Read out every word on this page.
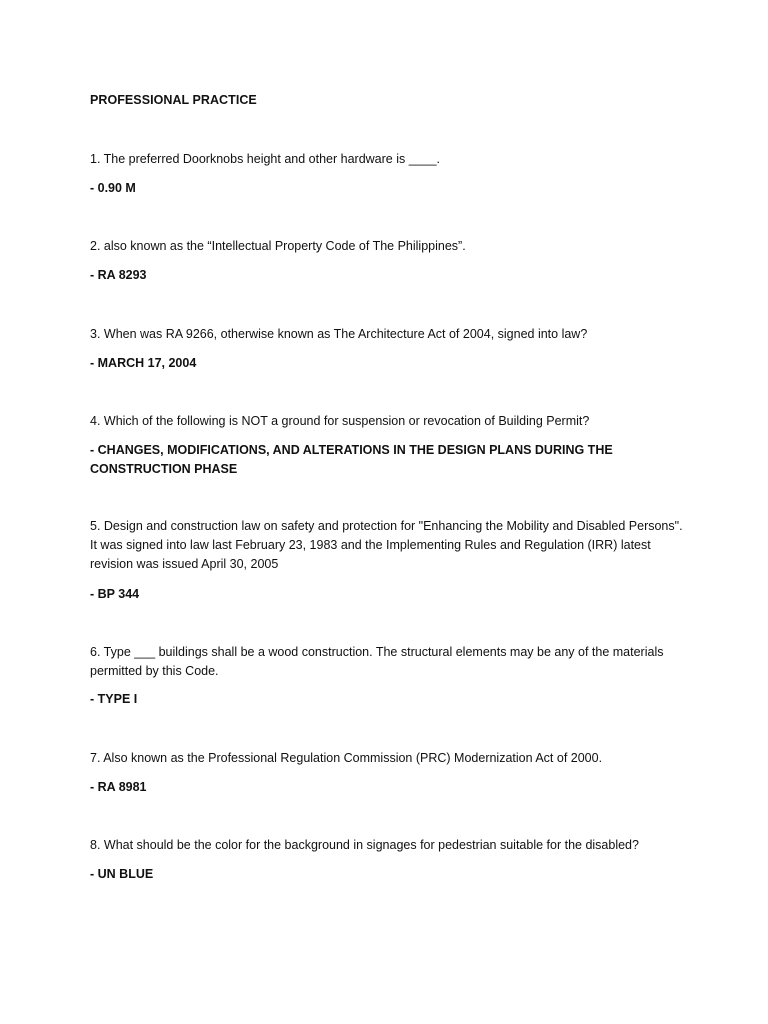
PROFESSIONAL PRACTICE
1. The preferred Doorknobs height and other hardware is ____.
- 0.90 M
2. also known as the “Intellectual Property Code of The Philippines”.
- RA 8293
3. When was RA 9266, otherwise known as The Architecture Act of 2004, signed into law?
- MARCH 17, 2004
4. Which of the following is NOT a ground for suspension or revocation of Building Permit?
- CHANGES, MODIFICATIONS, AND ALTERATIONS IN THE DESIGN PLANS DURING THE CONSTRUCTION PHASE
5. Design and construction law on safety and protection for "Enhancing the Mobility and Disabled Persons". It was signed into law last February 23, 1983 and the Implementing Rules and Regulation (IRR) latest revision was issued April 30, 2005
- BP 344
6. Type ___ buildings shall be a wood construction. The structural elements may be any of the materials permitted by this Code.
- TYPE I
7. Also known as the Professional Regulation Commission (PRC) Modernization Act of 2000.
- RA 8981
8. What should be the color for the background in signages for pedestrian suitable for the disabled?
- UN BLUE
